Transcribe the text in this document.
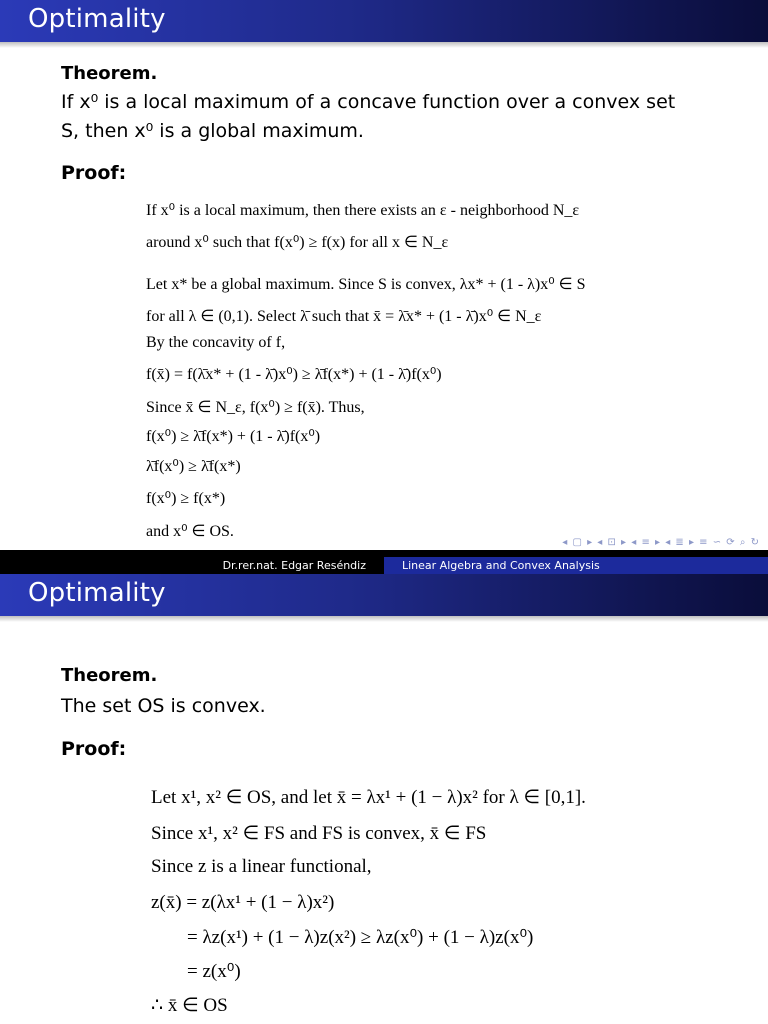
Optimality
Theorem.
If x⁰ is a local maximum of a concave function over a convex set
S, then x⁰ is a global maximum.
Proof:
If x⁰ is a local maximum, then there exists an ε - neighborhood N_ε
around x⁰ such that f(x⁰) ≥ f(x) for all x ∈ N_ε
Let x* be a global maximum. Since S is convex, λx* + (1 - λ)x⁰ ∈ S
for all λ ∈ (0,1). Select λ̄ such that x̄ = λ̄x* + (1 - λ̄)x⁰ ∈ N_ε
By the concavity of f,
f(x̄) = f(λ̄x* + (1 - λ̄)x⁰) ≥ λ̄f(x*) + (1 - λ̄)f(x⁰)
Since x̄ ∈ N_ε, f(x⁰) ≥ f(x̄). Thus,
f(x⁰) ≥ λ̄f(x*) + (1 - λ̄)f(x⁰)
λ̄f(x⁰) ≥ λ̄f(x*)
f(x⁰) ≥ f(x*)
and x⁰ ∈ OS.
◂ ▢ ▸ ◂ ⊡ ▸ ◂ ≡ ▸ ◂ ≣ ▸ ≡ ∽ ⟳ ⌕ ↻
Dr.rer.nat. Edgar Reséndiz	Linear Algebra and Convex Analysis
Optimality
Theorem.
The set OS is convex.
Proof:
Let x¹, x² ∈ OS, and let x̄ = λx¹ + (1 − λ)x² for λ ∈ [0,1].
Since x¹, x² ∈ FS and FS is convex, x̄ ∈ FS
Since z is a linear functional,
z(x̄) = z(λx¹ + (1 − λ)x²)
= λz(x¹) + (1 − λ)z(x²) ≥ λz(x⁰) + (1 − λ)z(x⁰)
= z(x⁰)
∴ x̄ ∈ OS
